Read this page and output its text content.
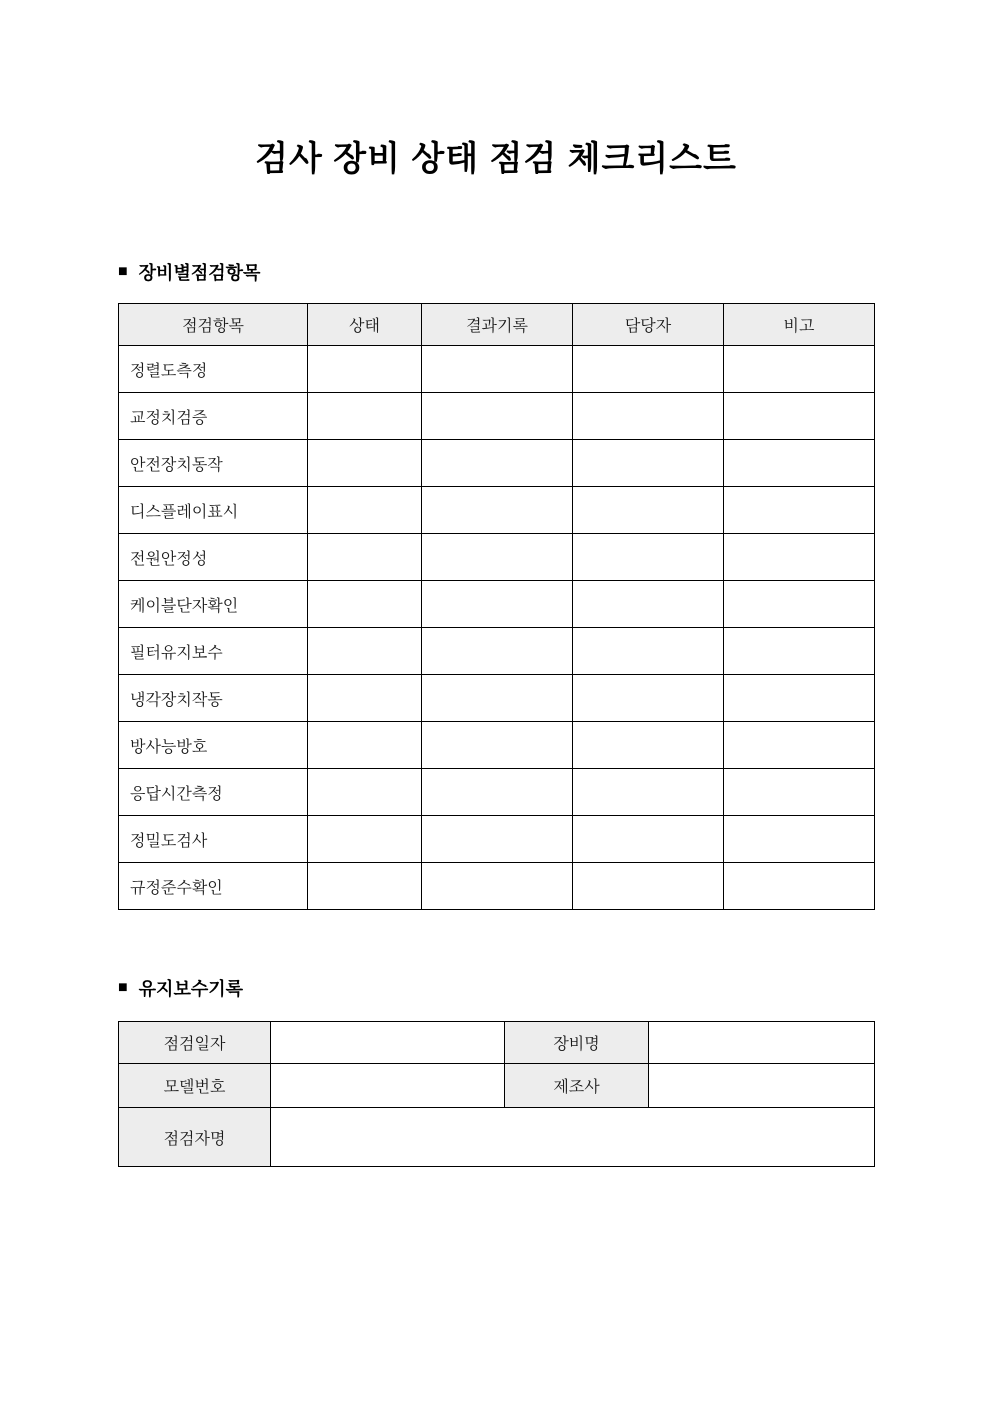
검사 장비 상태 점검 체크리스트
■ 장비별점검항목
점검항목	상태	결과기록	담당자	비고
정렬도측정				
교정치검증				
안전장치동작				
디스플레이표시				
전원안정성				
케이블단자확인				
필터유지보수				
냉각장치작동				
방사능방호				
응답시간측정				
정밀도검사				
규정준수확인				
■ 유지보수기록
점검일자		장비명	
모델번호		제조사	
점검자명			
